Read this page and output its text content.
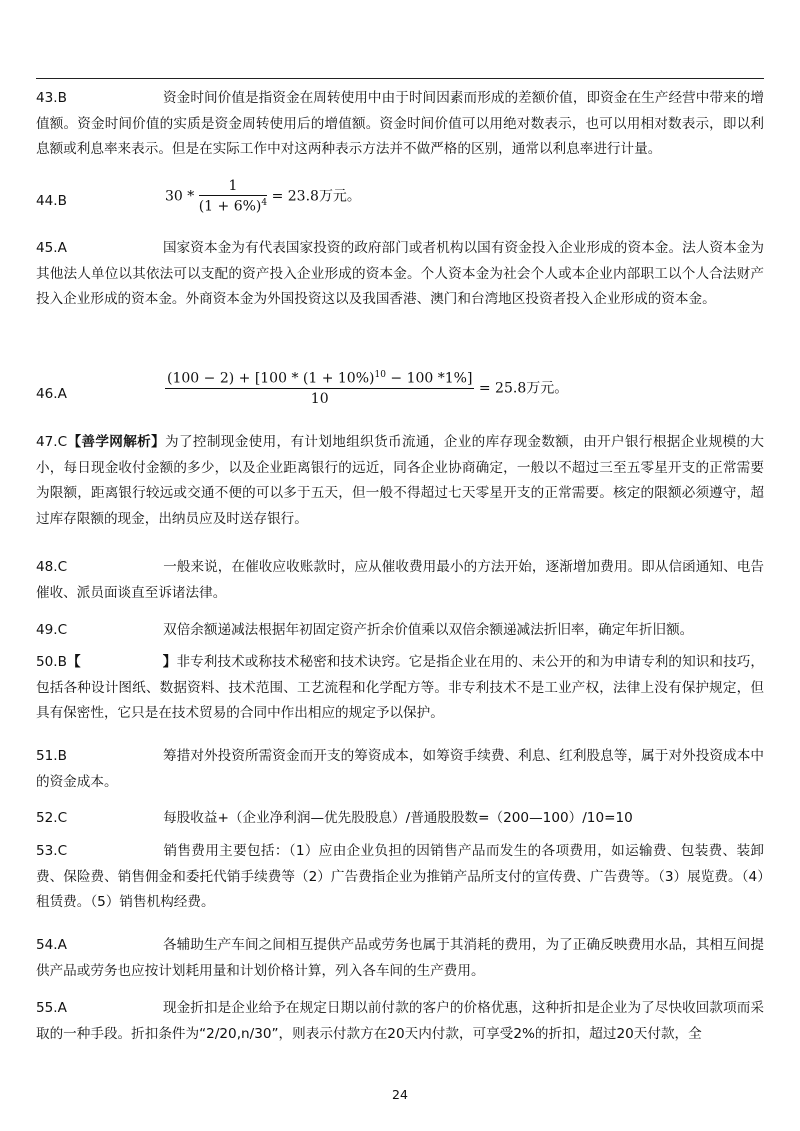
43.B	资金时间价值是指资金在周转使用中由于时间因素而形成的差额价值，即资金在生产经营中带来的增值额。资金时间价值的实质是资金周转使用后的增值额。资金时间价值可以用绝对数表示，也可以用相对数表示，即以利息额或利息率来表示。但是在实际工作中对这两种表示方法并不做严格的区别，通常以利息率进行计量。
44.B	$30 * \frac{1}{(1 + 6\%)^4} = 23.8$万元。
45.A	国家资本金为有代表国家投资的政府部门或者机构以国有资金投入企业形成的资本金。法人资本金为其他法人单位以其依法可以支配的资产投入企业形成的资本金。个人资本金为社会个人或本企业内部职工以个人合法财产投入企业形成的资本金。外商资本金为外国投资这以及我国香港、澳门和台湾地区投资者投入企业形成的资本金。
46.A	$\frac{(100 - 2) + [100 * (1 + 10\%)^{10} - 100 *1\%]}{10} = 25.8$万元。
47.C【善学网解析】为了控制现金使用，有计划地组织货币流通，企业的库存现金数额，由开户银行根据企业规模的大小，每日现金收付金额的多少，以及企业距离银行的远近，同各企业协商确定，一般以不超过三至五零星开支的正常需要为限额，距离银行较远或交通不便的可以多于五天，但一般不得超过七天零星开支的正常需要。核定的限额必须遵守，超过库存限额的现金，出纳员应及时送存银行。
48.C	一般来说，在催收应收账款时，应从催收费用最小的方法开始，逐渐增加费用。即从信函通知、电告催收、派员面谈直至诉诸法律。
49.C	双倍余额递减法根据年初固定资产折余价值乘以双倍余额递减法折旧率，确定年折旧额。
50.B【	】非专利技术或称技术秘密和技术诀窍。它是指企业在用的、未公开的和为申请专利的知识和技巧，包括各种设计图纸、数据资料、技术范围、工艺流程和化学配方等。非专利技术不是工业产权，法律上没有保护规定，但具有保密性，它只是在技术贸易的合同中作出相应的规定予以保护。
51.B	筹措对外投资所需资金而开支的筹资成本，如筹资手续费、利息、红利股息等，属于对外投资成本中的资金成本。
52.C	每股收益+（企业净利润—优先股股息）/普通股股数=（200—100）/10=10
53.C	销售费用主要包括：（1）应由企业负担的因销售产品而发生的各项费用，如运输费、包装费、装卸费、保险费、销售佣金和委托代销手续费等（2）广告费指企业为推销产品所支付的宣传费、广告费等。（3）展览费。（4）租赁费。（5）销售机构经费。
54.A	各辅助生产车间之间相互提供产品或劳务也属于其消耗的费用，为了正确反映费用水品，其相互间提供产品或劳务也应按计划耗用量和计划价格计算，列入各车间的生产费用。
55.A	现金折扣是企业给予在规定日期以前付款的客户的价格优惠，这种折扣是企业为了尽快收回款项而采取的一种手段。折扣条件为“2/20,n/30”，则表示付款方在20天内付款，可享受2%的折扣，超过20天付款，全
24
